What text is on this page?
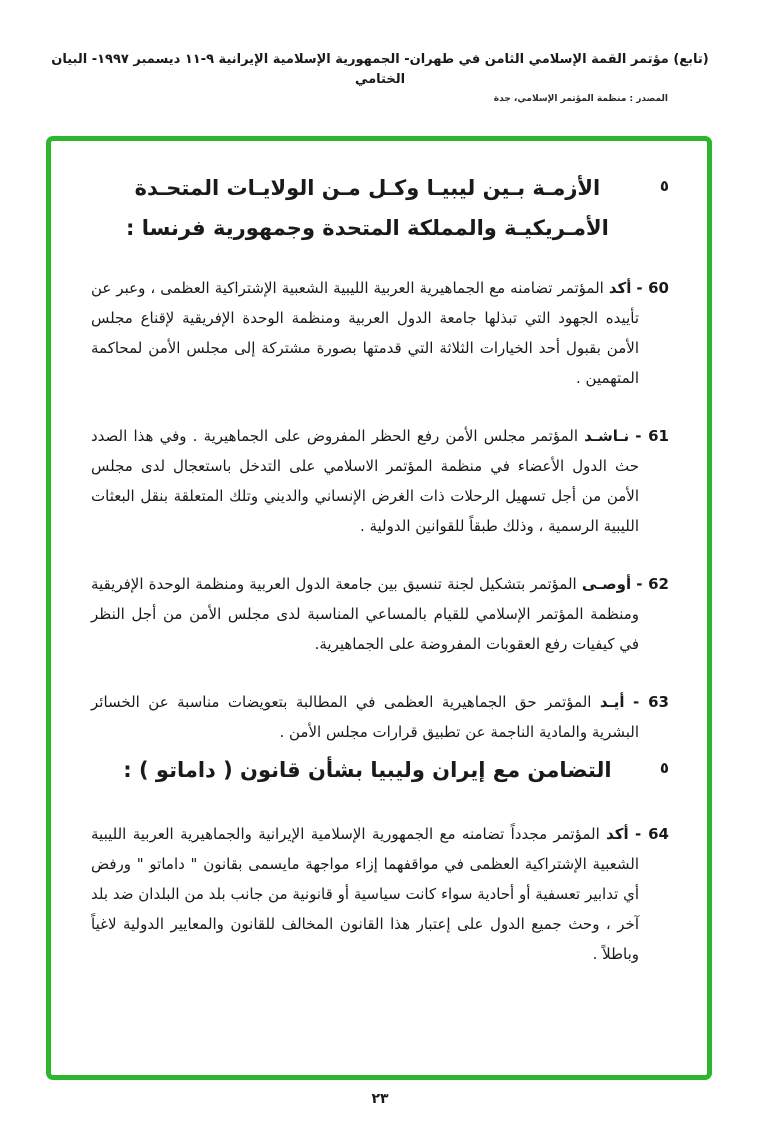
(تابع) مؤتمر القمة الإسلامي الثامن في طهران- الجمهورية الإسلامية الإيرانية ٩-١١ ديسمبر ١٩٩٧- البيان الختامي
المصدر : منظمة المؤتمر الإسلامي، جدة
٥
الأزمـة بـين ليبيـا وكـل مـن الولايـات المتحـدة الأمـريكيـة والمملكة المتحدة وجمهورية فرنسا :

60 - أكد المؤتمر تضامنه مع الجماهيرية العربية الليبية الشعبية الإشتراكية العظمى ، وعبر عن تأييده الجهود التي تبذلها جامعة الدول العربية ومنظمة الوحدة الإفريقية لإقناع مجلس الأمن بقبول أحد الخيارات الثلاثة التي قدمتها بصورة مشتركة إلى مجلس الأمن لمحاكمة المتهمين .

61 - نـاشـد المؤتمر مجلس الأمن رفع الحظر المفروض على الجماهيرية . وفي هذا الصدد حث الدول الأعضاء في منظمة المؤتمر الاسلامي على التدخل باستعجال لدى مجلس الأمن من أجل تسهيل الرحلات ذات الغرض الإنساني والديني وتلك المتعلقة بنقل البعثات الليبية الرسمية ، وذلك طبقاً للقوانين الدولية .

62 - أوصـى المؤتمر بتشكيل لجنة تنسيق بين جامعة الدول العربية ومنظمة الوحدة الإفريقية ومنظمة المؤتمر الإسلامي للقيام بالمساعي المناسبة لدى مجلس الأمن من أجل النظر في كيفيات رفع العقوبات المفروضة على الجماهيرية.

63 - أيـد المؤتمر حق الجماهيرية العظمى في المطالبة بتعويضات مناسبة عن الخسائر البشرية والمادية الناجمة عن تطبيق قرارات مجلس الأمن .

٥
التضامن مع إيران وليبيا بشأن قانون ( داماتو ) :

64 - أكد المؤتمر مجدداً تضامنه مع الجمهورية الإسلامية الإيرانية والجماهيرية العربية الليبية الشعبية الإشتراكية العظمى في مواقفهما إزاء مواجهة مايسمى بقانون " داماتو " ورفض أي تدابير تعسفية أو أحادية سواء كانت سياسية أو قانونية من جانب بلد من البلدان ضد بلد آخر ، وحث جميع الدول على إعتبار هذا القانون المخالف للقانون والمعايير الدولية لاغياً وباطلاً .

٢٣
